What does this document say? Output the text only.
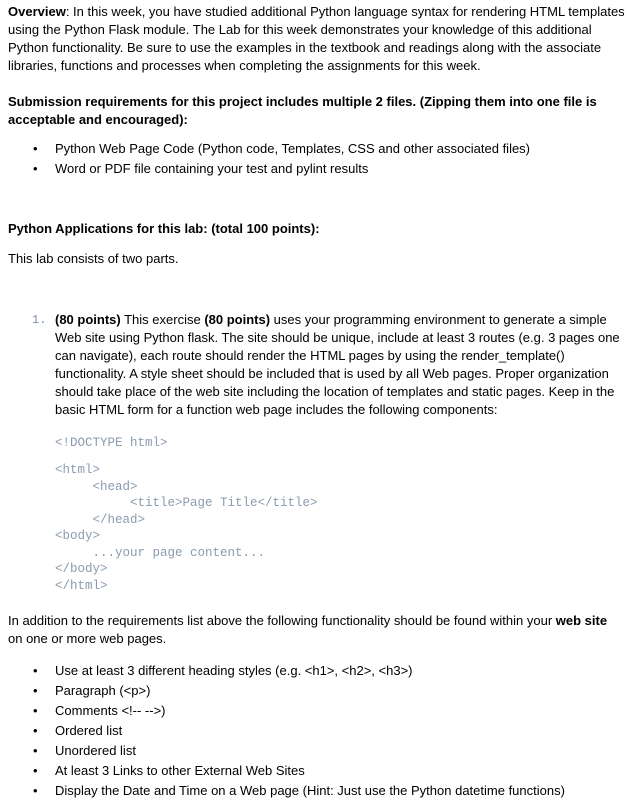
Overview: In this week, you have studied additional Python language syntax for rendering HTML templates using the Python Flask module. The Lab for this week demonstrates your knowledge of this additional Python functionality. Be sure to use the examples in the textbook and readings along with the associate libraries, functions and processes when completing the assignments for this week.

Submission requirements for this project includes multiple 2 files. (Zipping them into one file is acceptable and encouraged):

• Python Web Page Code (Python code, Templates, CSS and other associated files)
• Word or PDF file containing your test and pylint results

Python Applications for this lab: (total 100 points):

This lab consists of two parts.

1. (80 points) This exercise (80 points) uses your programming environment to generate a simple Web site using Python flask. The site should be unique, include at least 3 routes (e.g. 3 pages one can navigate), each route should render the HTML pages by using the render_template() functionality. A style sheet should be included that is used by all Web pages. Proper organization should take place of the web site including the location of templates and static pages. Keep in the basic HTML form for a function web page includes the following components:
<!DOCTYPE html>
<html>
<head>
<title>Page Title</title>
</head>
<body>
...your page content...
</body>
</html>

In addition to the requirements list above the following functionality should be found within your web site on one or more web pages.

• Use at least 3 different heading styles (e.g. <h1>, <h2>, <h3>)
• Paragraph (<p>)
• Comments <!-- -->)
• Ordered list
• Unordered list
• At least 3 Links to other External Web Sites
• Display the Date and Time on a Web page (Hint: Just use the Python datetime functions)
